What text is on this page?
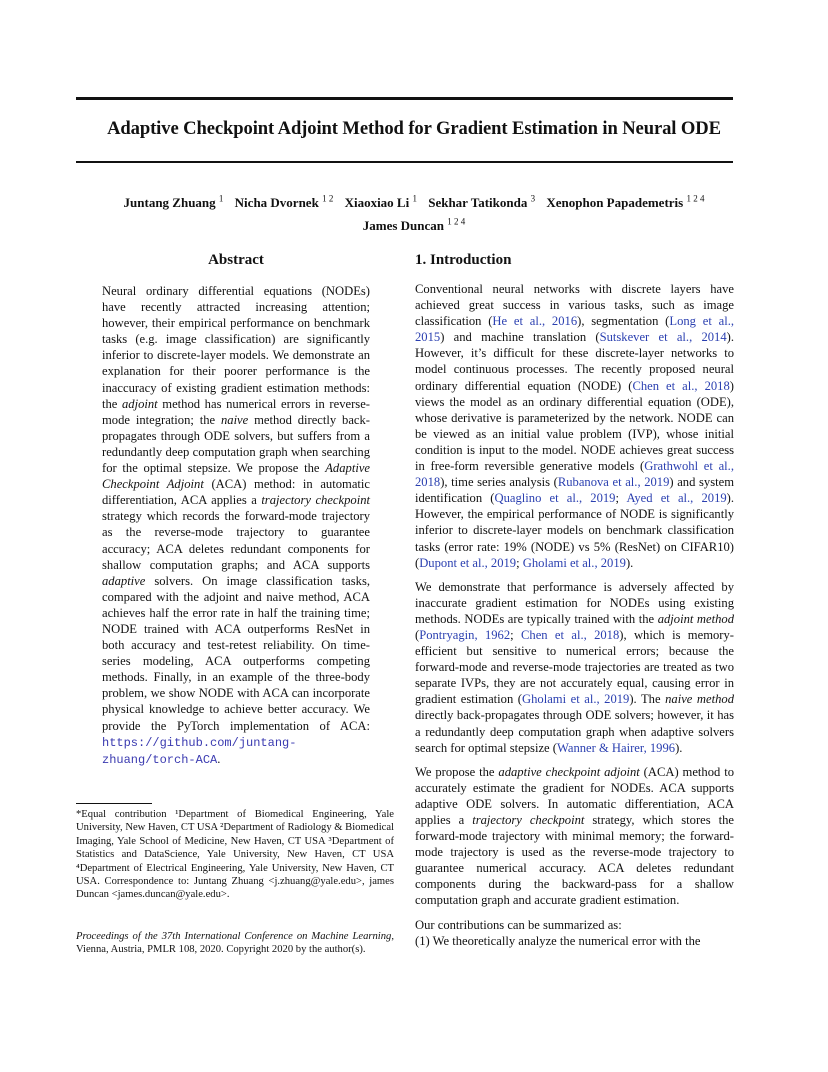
Adaptive Checkpoint Adjoint Method for Gradient Estimation in Neural ODE
Juntang Zhuang $^1$ Nicha Dvornek $^{1 2}$ Xiaoxiao Li $^1$ Sekhar Tatikonda $^3$ Xenophon Papademetris $^{1 2 4}$
James Duncan $^{1 2 4}$
Abstract
Neural ordinary differential equations (NODEs) have recently attracted increasing attention; however, their empirical performance on benchmark tasks (e.g. image classification) are significantly inferior to discrete-layer models. We demonstrate an explanation for their poorer performance is the inaccuracy of existing gradient estimation methods: the adjoint method has numerical errors in reverse-mode integration; the naive method directly back-propagates through ODE solvers, but suffers from a redundantly deep computation graph when searching for the optimal stepsize. We propose the Adaptive Checkpoint Adjoint (ACA) method: in automatic differentiation, ACA applies a trajectory checkpoint strategy which records the forward-mode trajectory as the reverse-mode trajectory to guarantee accuracy; ACA deletes redundant components for shallow computation graphs; and ACA supports adaptive solvers. On image classification tasks, compared with the adjoint and naive method, ACA achieves half the error rate in half the training time; NODE trained with ACA outperforms ResNet in both accuracy and test-retest reliability. On time-series modeling, ACA outperforms competing methods. Finally, in an example of the three-body problem, we show NODE with ACA can incorporate physical knowledge to achieve better accuracy. We provide the PyTorch implementation of ACA: https://github.com/juntang-zhuang/torch-ACA.
*Equal contribution ¹Department of Biomedical Engineering, Yale University, New Haven, CT USA ²Department of Radiology & Biomedical Imaging, Yale School of Medicine, New Haven, CT USA ³Department of Statistics and DataScience, Yale University, New Haven, CT USA ⁴Department of Electrical Engineering, Yale University, New Haven, CT USA. Correspondence to: Juntang Zhuang <j.zhuang@yale.edu>, james Duncan <james.duncan@yale.edu>.
Proceedings of the 37th International Conference on Machine Learning, Vienna, Austria, PMLR 108, 2020. Copyright 2020 by the author(s).
1. Introduction

Conventional neural networks with discrete layers have achieved great success in various tasks, such as image classification (He et al., 2016), segmentation (Long et al., 2015) and machine translation (Sutskever et al., 2014). However, it’s difficult for these discrete-layer networks to model continuous processes. The recently proposed neural ordinary differential equation (NODE) (Chen et al., 2018) views the model as an ordinary differential equation (ODE), whose derivative is parameterized by the network. NODE can be viewed as an initial value problem (IVP), whose initial condition is input to the model. NODE achieves great success in free-form reversible generative models (Grathwohl et al., 2018), time series analysis (Rubanova et al., 2019) and system identification (Quaglino et al., 2019; Ayed et al., 2019). However, the empirical performance of NODE is significantly inferior to discrete-layer models on benchmark classification tasks (error rate: 19% (NODE) vs 5% (ResNet) on CIFAR10) (Dupont et al., 2019; Gholami et al., 2019).

We demonstrate that performance is adversely affected by inaccurate gradient estimation for NODEs using existing methods. NODEs are typically trained with the adjoint method (Pontryagin, 1962; Chen et al., 2018), which is memory-efficient but sensitive to numerical errors; because the forward-mode and reverse-mode trajectories are treated as two separate IVPs, they are not accurately equal, causing error in gradient estimation (Gholami et al., 2019). The naive method directly back-propagates through ODE solvers; however, it has a redundantly deep computation graph when adaptive solvers search for optimal stepsize (Wanner & Hairer, 1996).

We propose the adaptive checkpoint adjoint (ACA) method to accurately estimate the gradient for NODEs. ACA supports adaptive ODE solvers. In automatic differentiation, ACA applies a trajectory checkpoint strategy, which stores the forward-mode trajectory with minimal memory; the forward-mode trajectory is used as the reverse-mode trajectory to guarantee numerical accuracy. ACA deletes redundant components during the backward-pass for a shallow computation graph and accurate gradient estimation.

Our contributions can be summarized as:

(1) We theoretically analyze the numerical error with the
